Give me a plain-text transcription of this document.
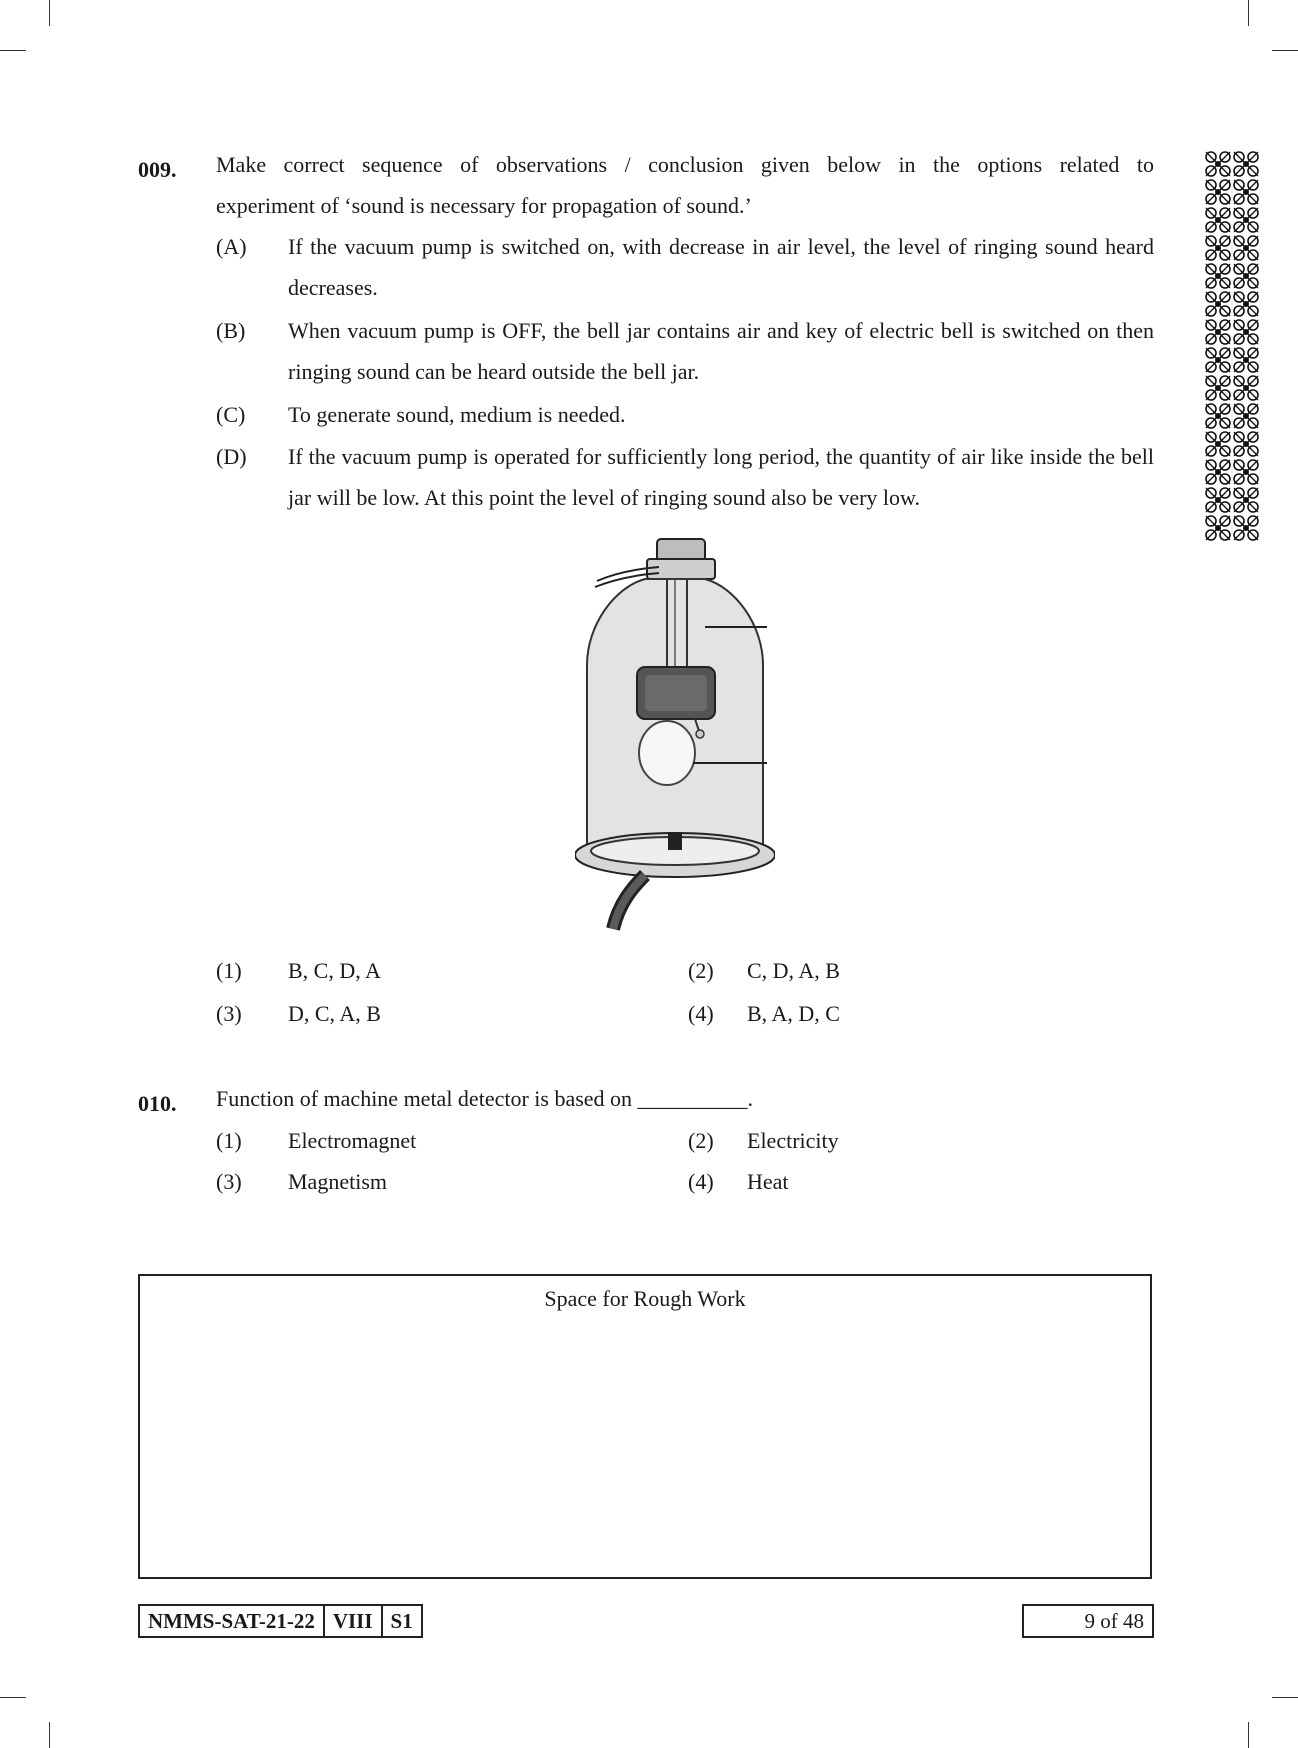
009. Make correct sequence of observations / conclusion given below in the options related to
experiment of ‘sound is necessary for propagation of sound.’
(A) If the vacuum pump is switched on, with decrease in air level, the level of ringing sound heard decreases.
(B) When vacuum pump is OFF, the bell jar contains air and key of electric bell is switched on then ringing sound can be heard outside the bell jar.
(C) To generate sound, medium is needed.
(D) If the vacuum pump is operated for sufficiently long period, the quantity of air like inside the bell jar will be low. At this point the level of ringing sound also be very low.
(1) B, C, D, A	(2) C, D, A, B
(3) D, C, A, B	(4) B, A, D, C
010. Function of machine metal detector is based on __________.
(1) Electromagnet	(2) Electricity
(3) Magnetism	(4) Heat
Space for Rough Work
NMMS-SAT-21-22 VIII S1	9 of 48
